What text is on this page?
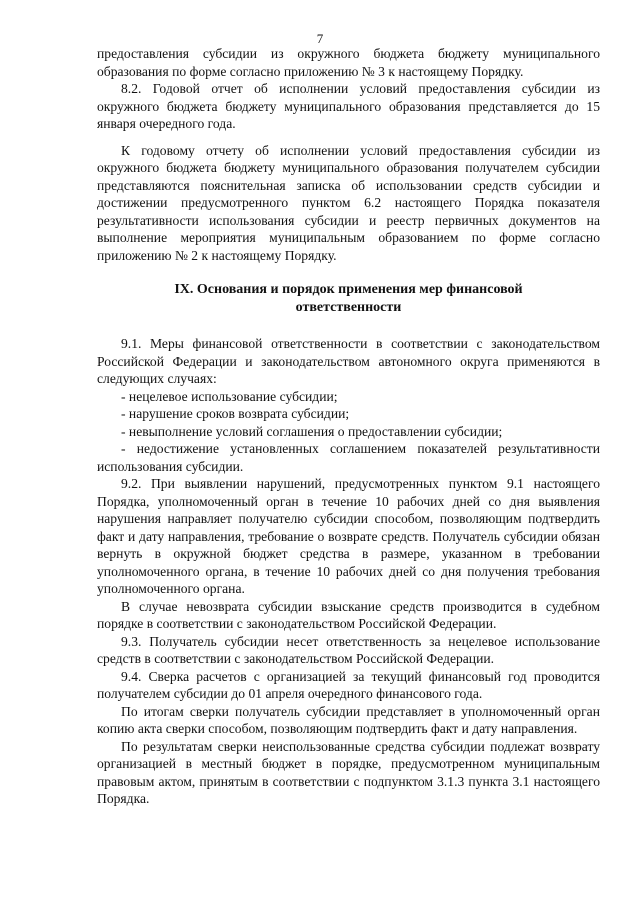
7

предоставления субсидии из окружного бюджета бюджету муниципального образования по форме согласно приложению № 3 к настоящему Порядку.

8.2. Годовой отчет об исполнении условий предоставления субсидии из окружного бюджета бюджету муниципального образования представляется до 15 января очередного года.

К годовому отчету об исполнении условий предоставления субсидии из окружного бюджета бюджету муниципального образования получателем субсидии представляются пояснительная записка об использовании средств субсидии и достижении предусмотренного пунктом 6.2 настоящего Порядка показателя результативности использования субсидии и реестр первичных документов на выполнение мероприятия муниципальным образованием по форме согласно приложению № 2 к настоящему Порядку.

IX. Основания и порядок применения мер финансовой ответственности

9.1. Меры финансовой ответственности в соответствии с законодательством Российской Федерации и законодательством автономного округа применяются в следующих случаях:

- нецелевое использование субсидии;
- нарушение сроков возврата субсидии;
- невыполнение условий соглашения о предоставлении субсидии;
- недостижение установленных соглашением показателей результативности использования субсидии.

9.2. При выявлении нарушений, предусмотренных пунктом 9.1 настоящего Порядка, уполномоченный орган в течение 10 рабочих дней со дня выявления нарушения направляет получателю субсидии способом, позволяющим подтвердить факт и дату направления, требование о возврате средств. Получатель субсидии обязан вернуть в окружной бюджет средства в размере, указанном в требовании уполномоченного органа, в течение 10 рабочих дней со дня получения требования уполномоченного органа.

В случае невозврата субсидии взыскание средств производится в судебном порядке в соответствии с законодательством Российской Федерации.

9.3. Получатель субсидии несет ответственность за нецелевое использование средств в соответствии с законодательством Российской Федерации.

9.4. Сверка расчетов с организацией за текущий финансовый год проводится получателем субсидии до 01 апреля очередного финансового года.

По итогам сверки получатель субсидии представляет в уполномоченный орган копию акта сверки способом, позволяющим подтвердить факт и дату направления.

По результатам сверки неиспользованные средства субсидии подлежат возврату организацией в местный бюджет в порядке, предусмотренном муниципальным правовым актом, принятым в соответствии с подпунктом 3.1.3 пункта 3.1 настоящего Порядка.
